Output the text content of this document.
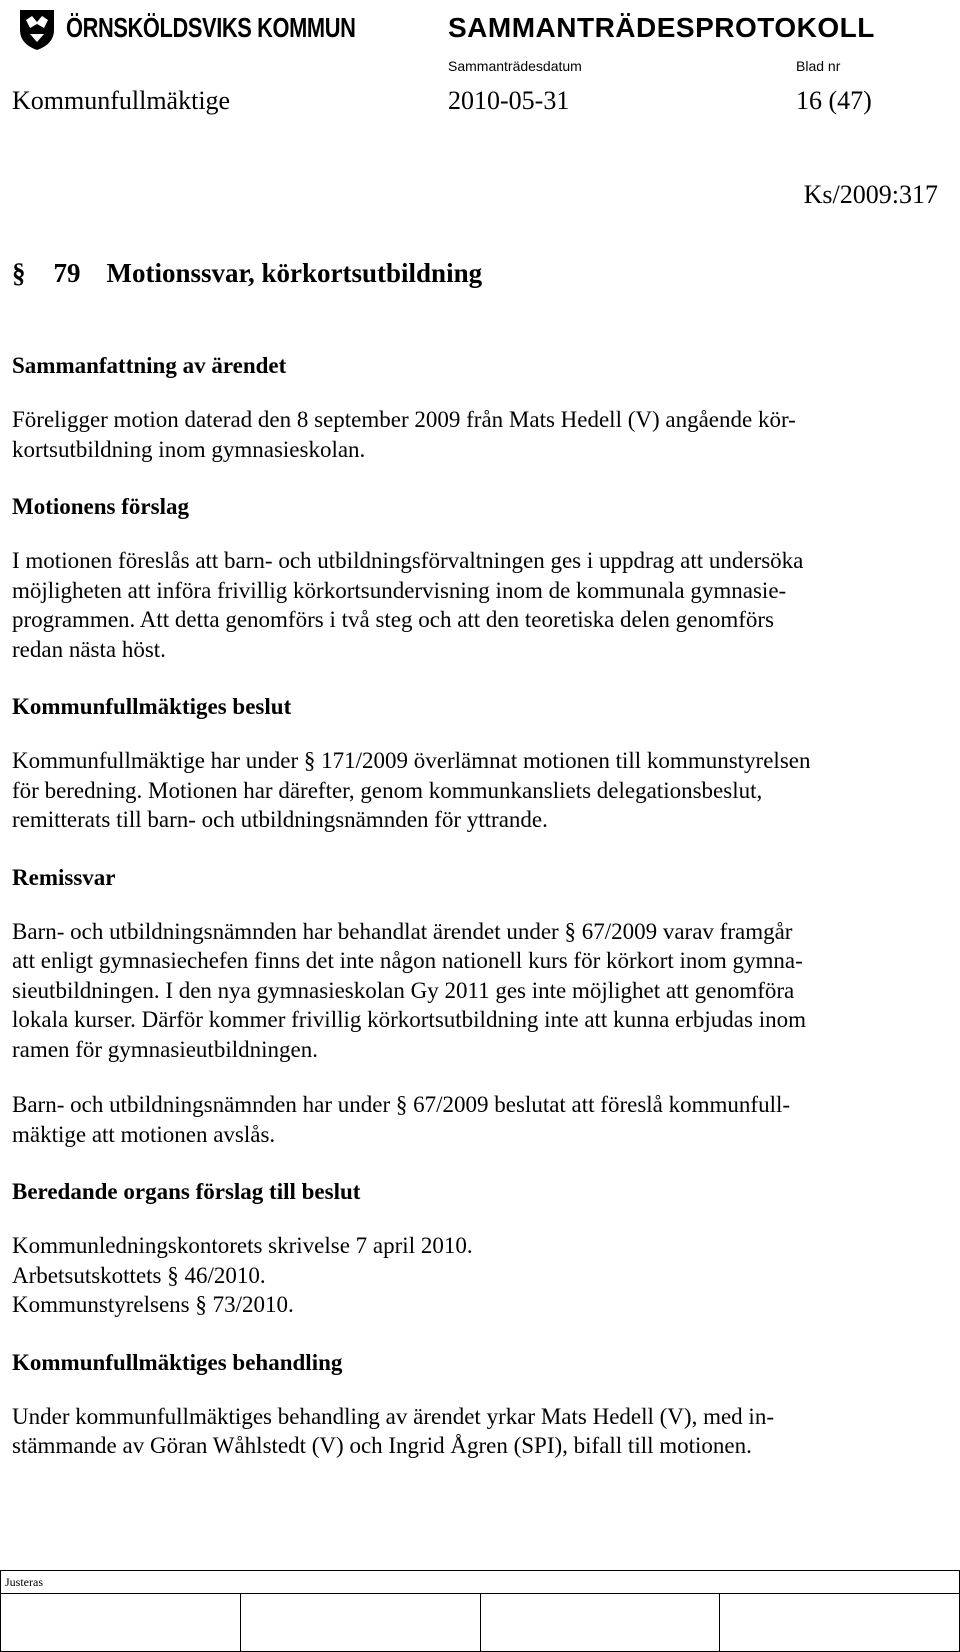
ÖRNSKÖLDSVIKS KOMMUN	SAMMANTRÄDESPROTOKOLL
Sammanträdesdatum	Blad nr
Kommunfullmäktige	2010-05-31	16 (47)
Ks/2009:317
§ 79 Motionssvar, körkortsutbildning
Sammanfattning av ärendet
Föreligger motion daterad den 8 september 2009 från Mats Hedell (V) angående kör-
kortsutbildning inom gymnasieskolan.
Motionens förslag
I motionen föreslås att barn- och utbildningsförvaltningen ges i uppdrag att undersöka
möjligheten att införa frivillig körkortsundervisning inom de kommunala gymnasie-
programmen. Att detta genomförs i två steg och att den teoretiska delen genomförs
redan nästa höst.
Kommunfullmäktiges beslut
Kommunfullmäktige har under § 171/2009 överlämnat motionen till kommunstyrelsen
för beredning. Motionen har därefter, genom kommunkansliets delegationsbeslut,
remitterats till barn- och utbildningsnämnden för yttrande.
Remissvar
Barn- och utbildningsnämnden har behandlat ärendet under § 67/2009 varav framgår
att enligt gymnasiechefen finns det inte någon nationell kurs för körkort inom gymna-
sieutbildningen. I den nya gymnasieskolan Gy 2011 ges inte möjlighet att genomföra
lokala kurser. Därför kommer frivillig körkortsutbildning inte att kunna erbjudas inom
ramen för gymnasieutbildningen.
Barn- och utbildningsnämnden har under § 67/2009 beslutat att föreslå kommunfull-
mäktige att motionen avslås.
Beredande organs förslag till beslut
Kommunledningskontorets skrivelse 7 april 2010.
Arbetsutskottets § 46/2010.
Kommunstyrelsens § 73/2010.
Kommunfullmäktiges behandling
Under kommunfullmäktiges behandling av ärendet yrkar Mats Hedell (V), med in-
stämmande av Göran Wåhlstedt (V) och Ingrid Ågren (SPI), bifall till motionen.
Justeras
